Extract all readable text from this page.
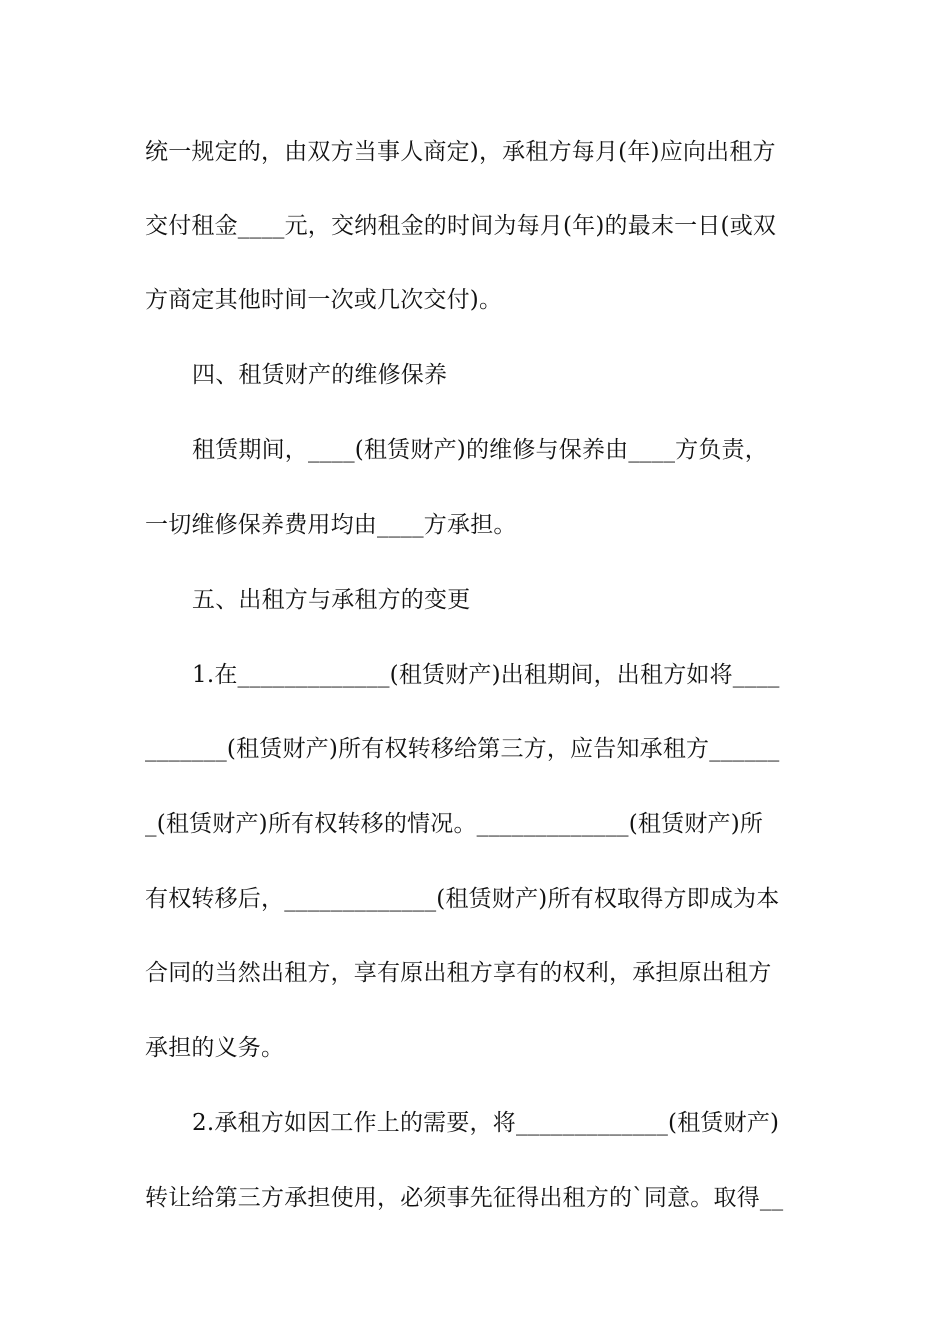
统一规定的，由双方当事人商定)，承租方每月(年)应向出租方
交付租金____元，交纳租金的时间为每月(年)的最末一日(或双
方商定其他时间一次或几次交付)。
四、租赁财产的维修保养
租赁期间，____(租赁财产)的维修与保养由____方负责，
一切维修保养费用均由____方承担。
五、出租方与承租方的变更
1.在_____________(租赁财产)出租期间，出租方如将____
_______(租赁财产)所有权转移给第三方，应告知承租方______
_(租赁财产)所有权转移的情况。_____________(租赁财产)所
有权转移后，_____________(租赁财产)所有权取得方即成为本
合同的当然出租方，享有原出租方享有的权利，承担原出租方
承担的义务。
2.承租方如因工作上的需要，将_____________(租赁财产)
转让给第三方承担使用，必须事先征得出租方的`同意。取得__
